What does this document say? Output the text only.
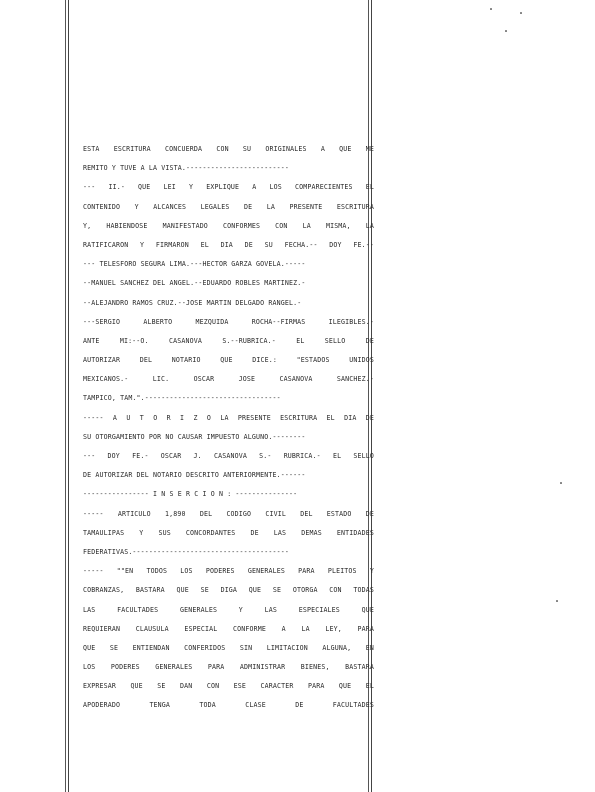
ESTA ESCRITURA CONCUERDA CON SU ORIGINALES A QUE ME
REMITO Y TUVE A LA VISTA.-------------------------
--- II.- QUE LEI Y EXPLIQUE A LOS COMPARECIENTES EL
CONTENIDO Y ALCANCES LEGALES DE LA PRESENTE ESCRITURA
Y, HABIENDOSE MANIFESTADO CONFORMES CON LA MISMA, LA
RATIFICARON Y FIRMARON EL DIA DE SU FECHA.-- DOY FE.--
--- TELESFORO SEGURA LIMA.---HECTOR GARZA GOVELA.-----
--MANUEL SANCHEZ DEL ANGEL.--EDUARDO ROBLES MARTINEZ.-
--ALEJANDRO RAMOS CRUZ.--JOSE MARTIN DELGADO RANGEL.-
---SERGIO ALBERTO MEZQUIDA ROCHA--FIRMAS ILEGIBLES.-
ANTE MI:--O. CASANOVA S.--RUBRICA.- EL SELLO DE
AUTORIZAR DEL NOTARIO QUE DICE.: "ESTADOS UNIDOS
MEXICANOS.- LIC. OSCAR JOSE CASANOVA SANCHEZ.-
TAMPICO, TAM.".---------------------------------
----- A U T O R I Z O LA PRESENTE ESCRITURA EL DIA DE
SU OTORGAMIENTO POR NO CAUSAR IMPUESTO ALGUNO.--------
--- DOY FE.- OSCAR J. CASANOVA S.- RUBRICA.- EL SELLO
DE AUTORIZAR DEL NOTARIO DESCRITO ANTERIORMENTE.------
---------------- I N S E R C I O N : ---------------
----- ARTICULO 1,890 DEL CODIGO CIVIL DEL ESTADO DE
TAMAULIPAS Y SUS CONCORDANTES DE LAS DEMAS ENTIDADES
FEDERATIVAS.--------------------------------------
----- ""EN TODOS LOS PODERES GENERALES PARA PLEITOS Y
COBRANZAS, BASTARA QUE SE DIGA QUE SE OTORGA CON TODAS
LAS FACULTADES GENERALES Y LAS ESPECIALES QUE
REQUIERAN CLAUSULA ESPECIAL CONFORME A LA LEY, PARA
QUE SE ENTIENDAN CONFERIDOS SIN LIMITACION ALGUNA, EN
LOS PODERES GENERALES PARA ADMINISTRAR BIENES, BASTARA
EXPRESAR QUE SE DAN CON ESE CARACTER PARA QUE EL
APODERADO TENGA TODA CLASE DE FACULTADES
